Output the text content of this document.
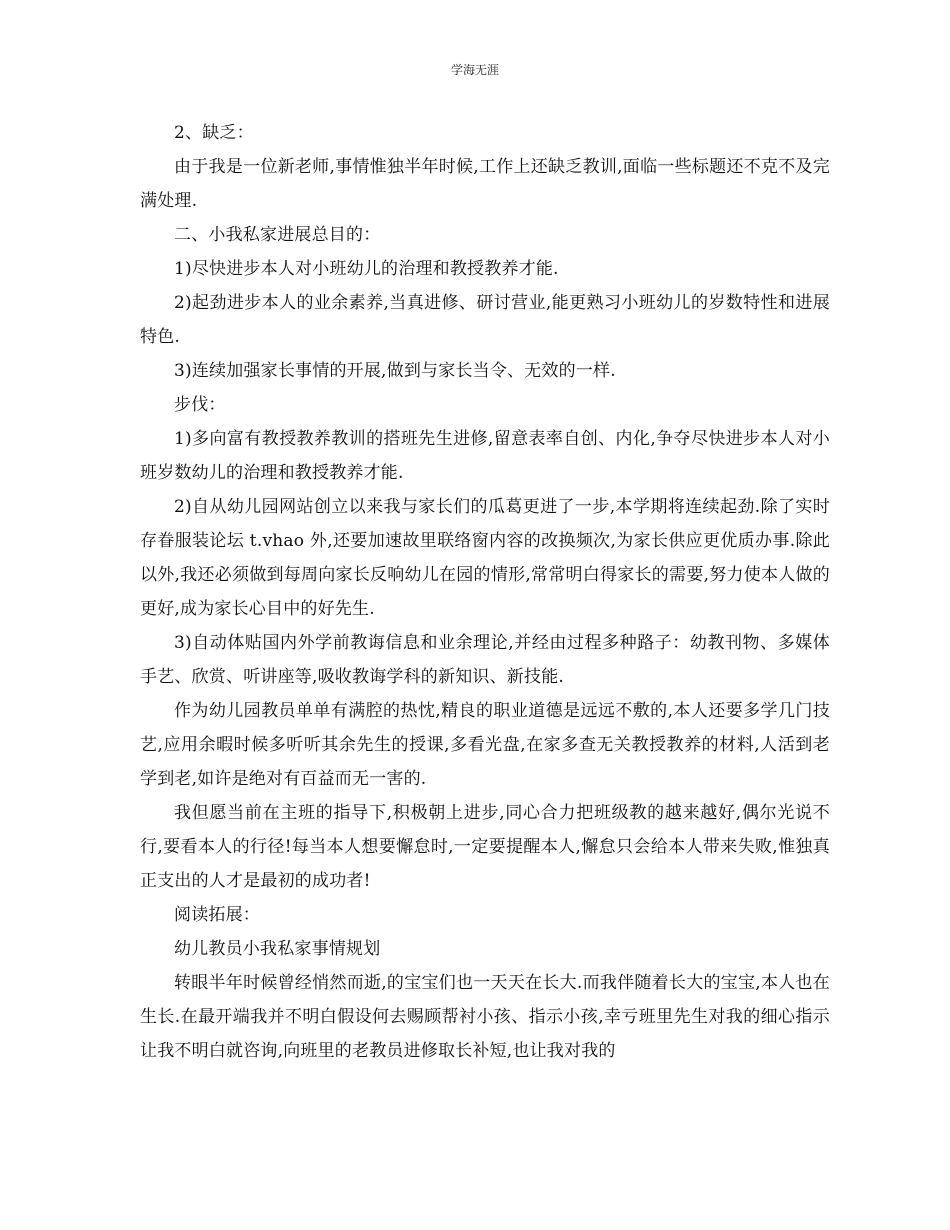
学海无涯

2、缺乏：

由于我是一位新老师,事情惟独半年时候,工作上还缺乏教训,面临一些标题还不克不及完满处理.

二、小我私家进展总目的：

1)尽快进步本人对小班幼儿的治理和教授教养才能.

2)起劲进步本人的业余素养,当真进修、研讨营业,能更熟习小班幼儿的岁数特性和进展特色.

3)连续加强家长事情的开展,做到与家长当令、无效的一样.

步伐：

1)多向富有教授教养教训的搭班先生进修,留意表率自创、内化,争夺尽快进步本人对小班岁数幼儿的治理和教授教养才能.

2)自从幼儿园网站创立以来我与家长们的瓜葛更进了一步,本学期将连续起劲.除了实时存眷服装论坛 t.vhao 外,还要加速故里联络窗内容的改换频次,为家长供应更优质办事.除此以外,我还必须做到每周向家长反响幼儿在园的情形,常常明白得家长的需要,努力使本人做的更好,成为家长心目中的好先生.

3)自动体贴国内外学前教诲信息和业余理论,并经由过程多种路子：幼教刊物、多媒体手艺、欣赏、听讲座等,吸收教诲学科的新知识、新技能.

作为幼儿园教员单单有满腔的热忱,精良的职业道德是远远不敷的,本人还要多学几门技艺,应用余暇时候多听听其余先生的授课,多看光盘,在家多查无关教授教养的材料,人活到老学到老,如许是绝对有百益而无一害的.

我但愿当前在主班的指导下,积极朝上进步,同心合力把班级教的越来越好,偶尔光说不行,要看本人的行径!每当本人想要懈怠时,一定要提醒本人,懈怠只会给本人带来失败,惟独真正支出的人才是最初的成功者!

阅读拓展：

幼儿教员小我私家事情规划

转眼半年时候曾经悄然而逝,的宝宝们也一天天在长大.而我伴随着长大的宝宝,本人也在生长.在最开端我并不明白假设何去赐顾帮衬小孩、指示小孩,幸亏班里先生对我的细心指示让我不明白就咨询,向班里的老教员进修取长补短,也让我对我的
